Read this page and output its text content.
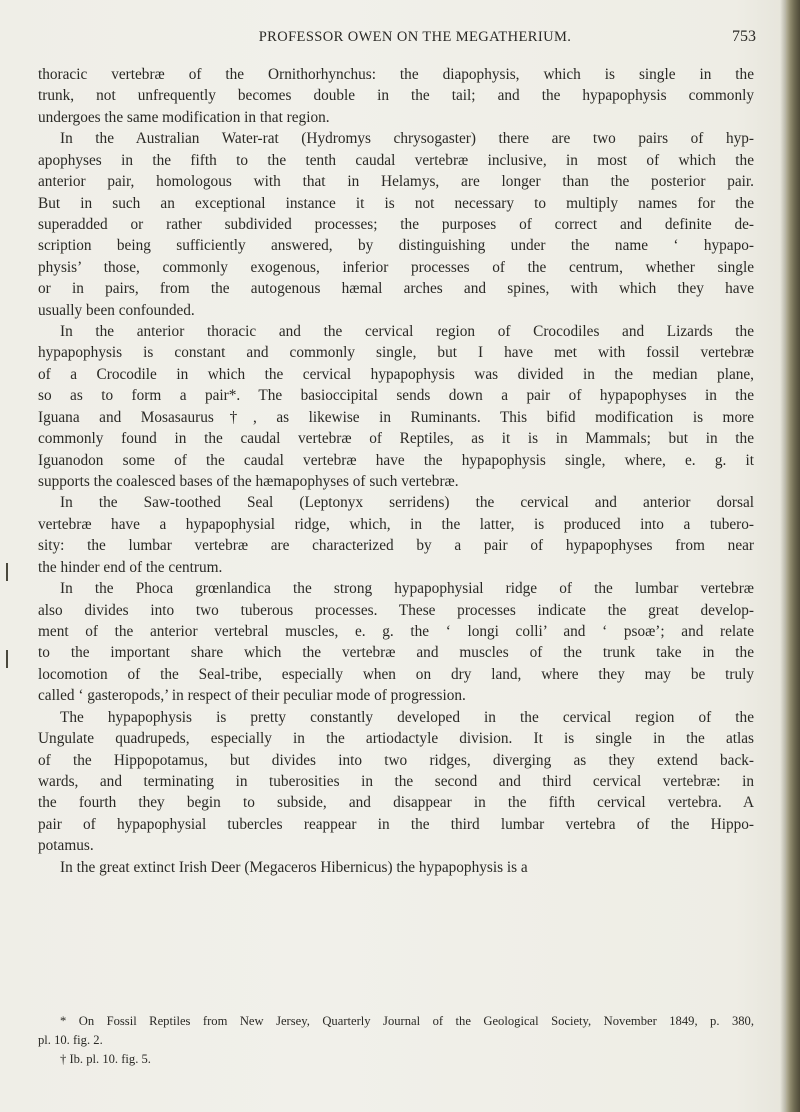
PROFESSOR OWEN ON THE MEGATHERIUM.	753
thoracic vertebræ of the Ornithorhynchus: the diapophysis, which is single in the
trunk, not unfrequently becomes double in the tail; and the hypapophysis commonly
undergoes the same modification in that region.
In the Australian Water-rat (Hydromys chrysogaster) there are two pairs of hyp-
apophyses in the fifth to the tenth caudal vertebræ inclusive, in most of which the
anterior pair, homologous with that in Helamys, are longer than the posterior pair.
But in such an exceptional instance it is not necessary to multiply names for the
superadded or rather subdivided processes; the purposes of correct and definite de-
scription being sufficiently answered, by distinguishing under the name ‘ hypapo-
physis’ those, commonly exogenous, inferior processes of the centrum, whether single
or in pairs, from the autogenous hæmal arches and spines, with which they have
usually been confounded.
In the anterior thoracic and the cervical region of Crocodiles and Lizards the
hypapophysis is constant and commonly single, but I have met with fossil vertebræ
of a Crocodile in which the cervical hypapophysis was divided in the median plane,
so as to form a pair*. The basioccipital sends down a pair of hypapophyses in the
Iguana and Mosasaurus†, as likewise in Ruminants. This bifid modification is more
commonly found in the caudal vertebræ of Reptiles, as it is in Mammals; but in the
Iguanodon some of the caudal vertebræ have the hypapophysis single, where, e. g. it
supports the coalesced bases of the hæmapophyses of such vertebræ.
In the Saw-toothed Seal (Leptonyx serridens) the cervical and anterior dorsal
vertebræ have a hypapophysial ridge, which, in the latter, is produced into a tubero-
sity: the lumbar vertebræ are characterized by a pair of hypapophyses from near
the hinder end of the centrum.
In the Phoca grœnlandica the strong hypapophysial ridge of the lumbar vertebræ
also divides into two tuberous processes. These processes indicate the great develop-
ment of the anterior vertebral muscles, e. g. the ‘ longi colli’ and ‘ psoæ’; and relate
to the important share which the vertebræ and muscles of the trunk take in the
locomotion of the Seal-tribe, especially when on dry land, where they may be truly
called ‘ gasteropods,’ in respect of their peculiar mode of progression.
The hypapophysis is pretty constantly developed in the cervical region of the
Ungulate quadrupeds, especially in the artiodactyle division. It is single in the atlas
of the Hippopotamus, but divides into two ridges, diverging as they extend back-
wards, and terminating in tuberosities in the second and third cervical vertebræ: in
the fourth they begin to subside, and disappear in the fifth cervical vertebra. A
pair of hypapophysial tubercles reappear in the third lumbar vertebra of the Hippo-
potamus.
In the great extinct Irish Deer (Megaceros Hibernicus) the hypapophysis is a
* On Fossil Reptiles from New Jersey, Quarterly Journal of the Geological Society, November 1849, p. 380,
pl. 10. fig. 2.
† Ib. pl. 10. fig. 5.
